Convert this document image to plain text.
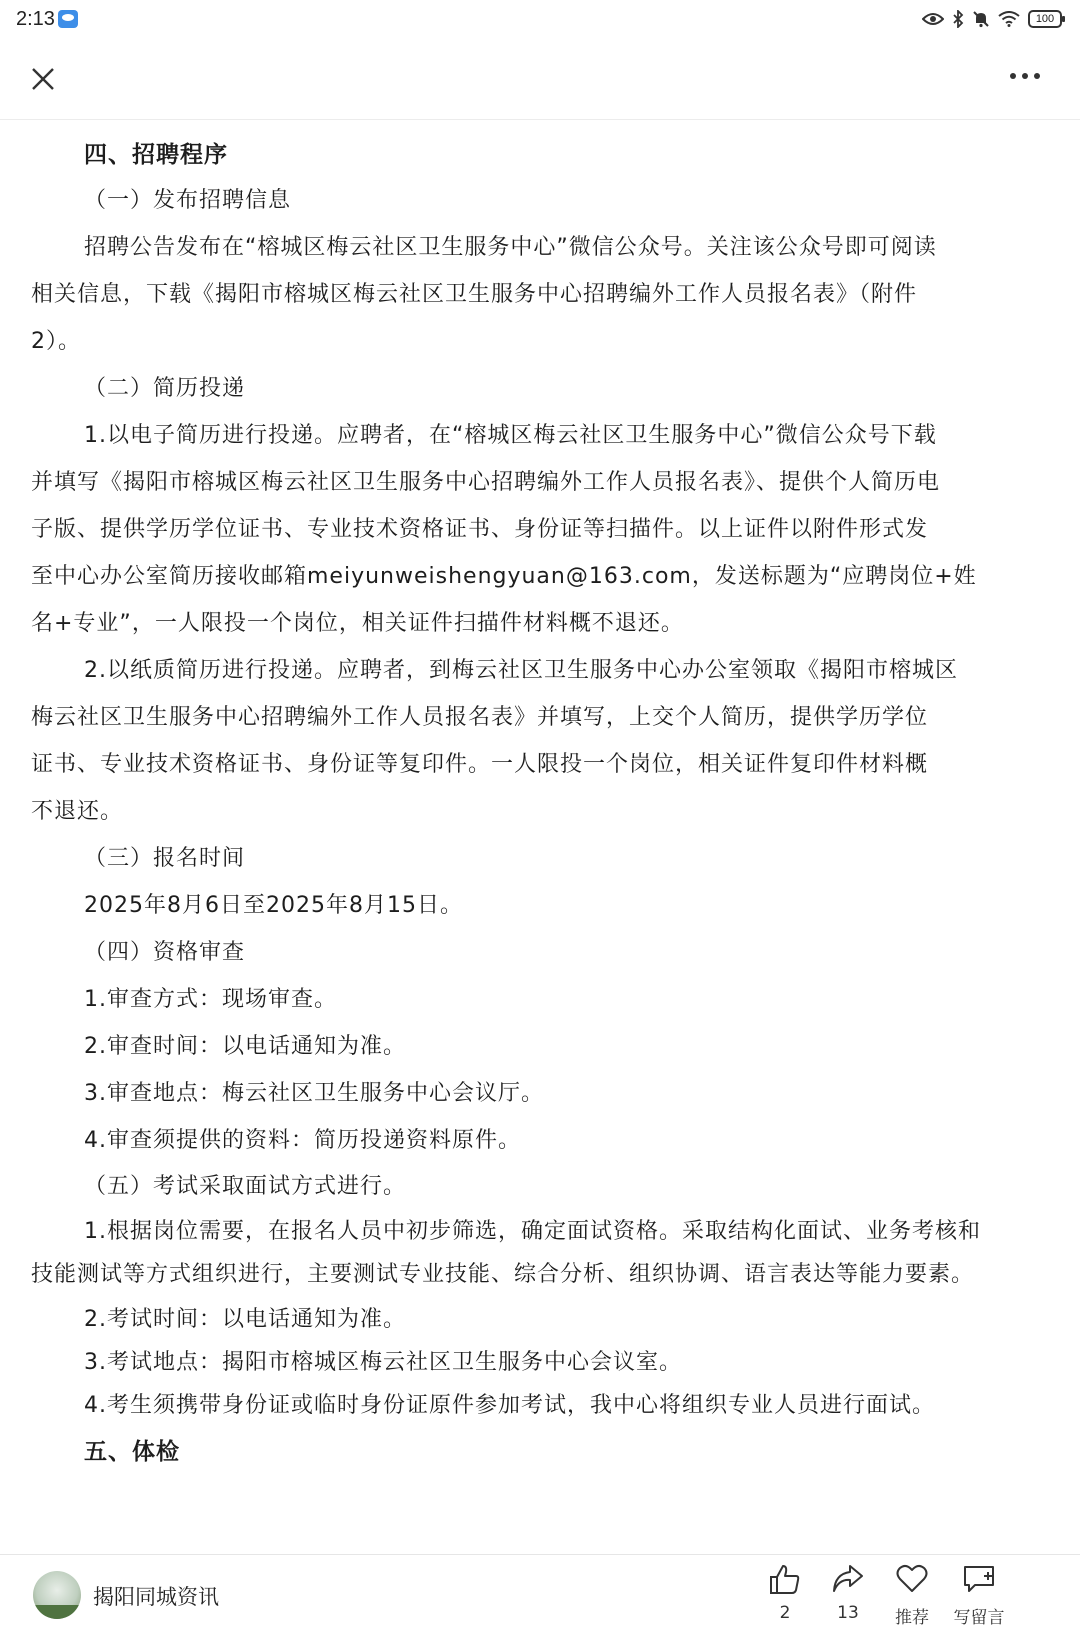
2:13	100
四、招聘程序
（一）发布招聘信息
招聘公告发布在“榕城区梅云社区卫生服务中心”微信公众号。关注该公众号即可阅读
相关信息，下载《揭阳市榕城区梅云社区卫生服务中心招聘编外工作人员报名表》（附件
2）。
（二）简历投递
1.以电子简历进行投递。应聘者，在“榕城区梅云社区卫生服务中心”微信公众号下载
并填写《揭阳市榕城区梅云社区卫生服务中心招聘编外工作人员报名表》、提供个人简历电
子版、提供学历学位证书、专业技术资格证书、身份证等扫描件。以上证件以附件形式发
至中心办公室简历接收邮箱meiyunweishengyuan@163.com，发送标题为“应聘岗位+姓
名+专业”，一人限投一个岗位，相关证件扫描件材料概不退还。
2.以纸质简历进行投递。应聘者，到梅云社区卫生服务中心办公室领取《揭阳市榕城区
梅云社区卫生服务中心招聘编外工作人员报名表》并填写，上交个人简历，提供学历学位
证书、专业技术资格证书、身份证等复印件。一人限投一个岗位，相关证件复印件材料概
不退还。
（三）报名时间
2025年8月6日至2025年8月15日。
（四）资格审查
1.审查方式：现场审查。
2.审查时间：以电话通知为准。
3.审查地点：梅云社区卫生服务中心会议厅。
4.审查须提供的资料：简历投递资料原件。
（五）考试采取面试方式进行。
1.根据岗位需要，在报名人员中初步筛选，确定面试资格。采取结构化面试、业务考核和
技能测试等方式组织进行，主要测试专业技能、综合分析、组织协调、语言表达等能力要素。
2.考试时间：以电话通知为准。
3.考试地点：揭阳市榕城区梅云社区卫生服务中心会议室。
4.考生须携带身份证或临时身份证原件参加考试，我中心将组织专业人员进行面试。
五、体检
揭阳同城资讯
2	13	推荐	写留言
